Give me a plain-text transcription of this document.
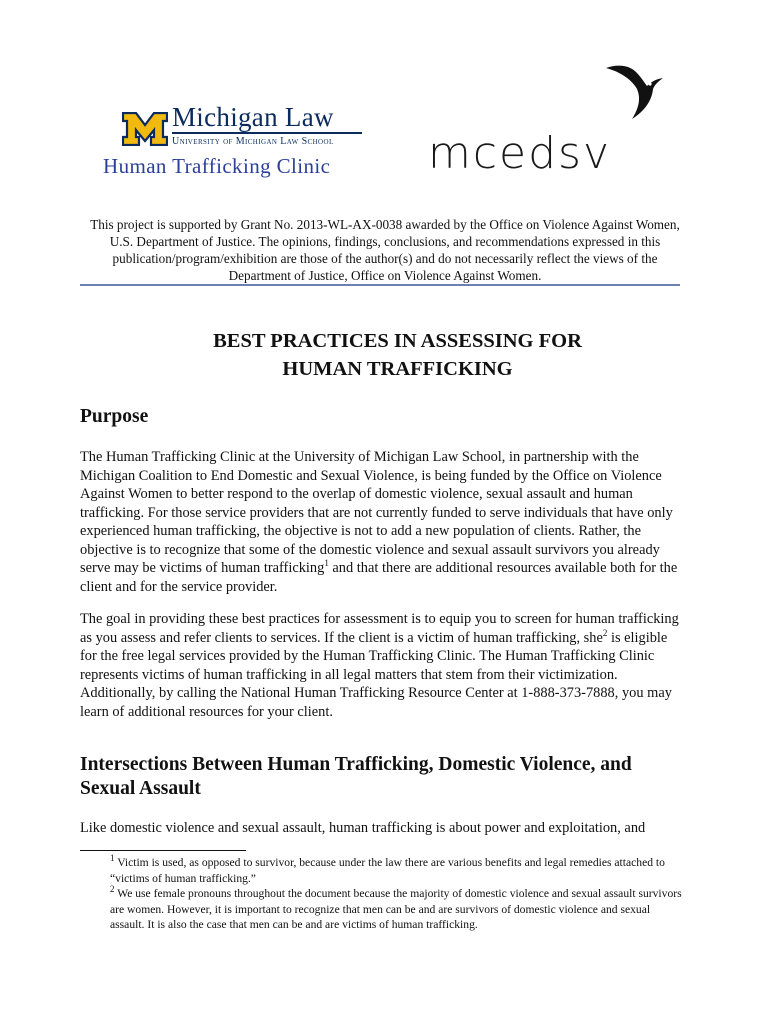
Michigan Law
University of Michigan Law School
Human Trafficking Clinic mcedsv
This project is supported by Grant No. 2013-WL-AX-0038 awarded by the Office on Violence Against Women, U.S. Department of Justice. The opinions, findings, conclusions, and recommendations expressed in this publication/program/exhibition are those of the author(s) and do not necessarily reflect the views of the Department of Justice, Office on Violence Against Women.
BEST PRACTICES IN ASSESSING FOR
HUMAN TRAFFICKING
Purpose
The Human Trafficking Clinic at the University of Michigan Law School, in partnership with the Michigan Coalition to End Domestic and Sexual Violence, is being funded by the Office on Violence Against Women to better respond to the overlap of domestic violence, sexual assault and human trafficking. For those service providers that are not currently funded to serve individuals that have only experienced human trafficking, the objective is not to add a new population of clients. Rather, the objective is to recognize that some of the domestic violence and sexual assault survivors you already serve may be victims of human trafficking$^1$ and that there are additional resources available both for the client and for the service provider.
The goal in providing these best practices for assessment is to equip you to screen for human trafficking as you assess and refer clients to services. If the client is a victim of human trafficking, she$^2$ is eligible for the free legal services provided by the Human Trafficking Clinic. The Human Trafficking Clinic represents victims of human trafficking in all legal matters that stem from their victimization. Additionally, by calling the National Human Trafficking Resource Center at 1-888-373-7888, you may learn of additional resources for your client.
Intersections Between Human Trafficking, Domestic Violence, and
Sexual Assault
Like domestic violence and sexual assault, human trafficking is about power and exploitation, and
$^1$ Victim is used, as opposed to survivor, because under the law there are various benefits and legal remedies attached to “victims of human trafficking.”
$^2$ We use female pronouns throughout the document because the majority of domestic violence and sexual assault survivors are women. However, it is important to recognize that men can be and are survivors of domestic violence and sexual assault. It is also the case that men can be and are victims of human trafficking.
